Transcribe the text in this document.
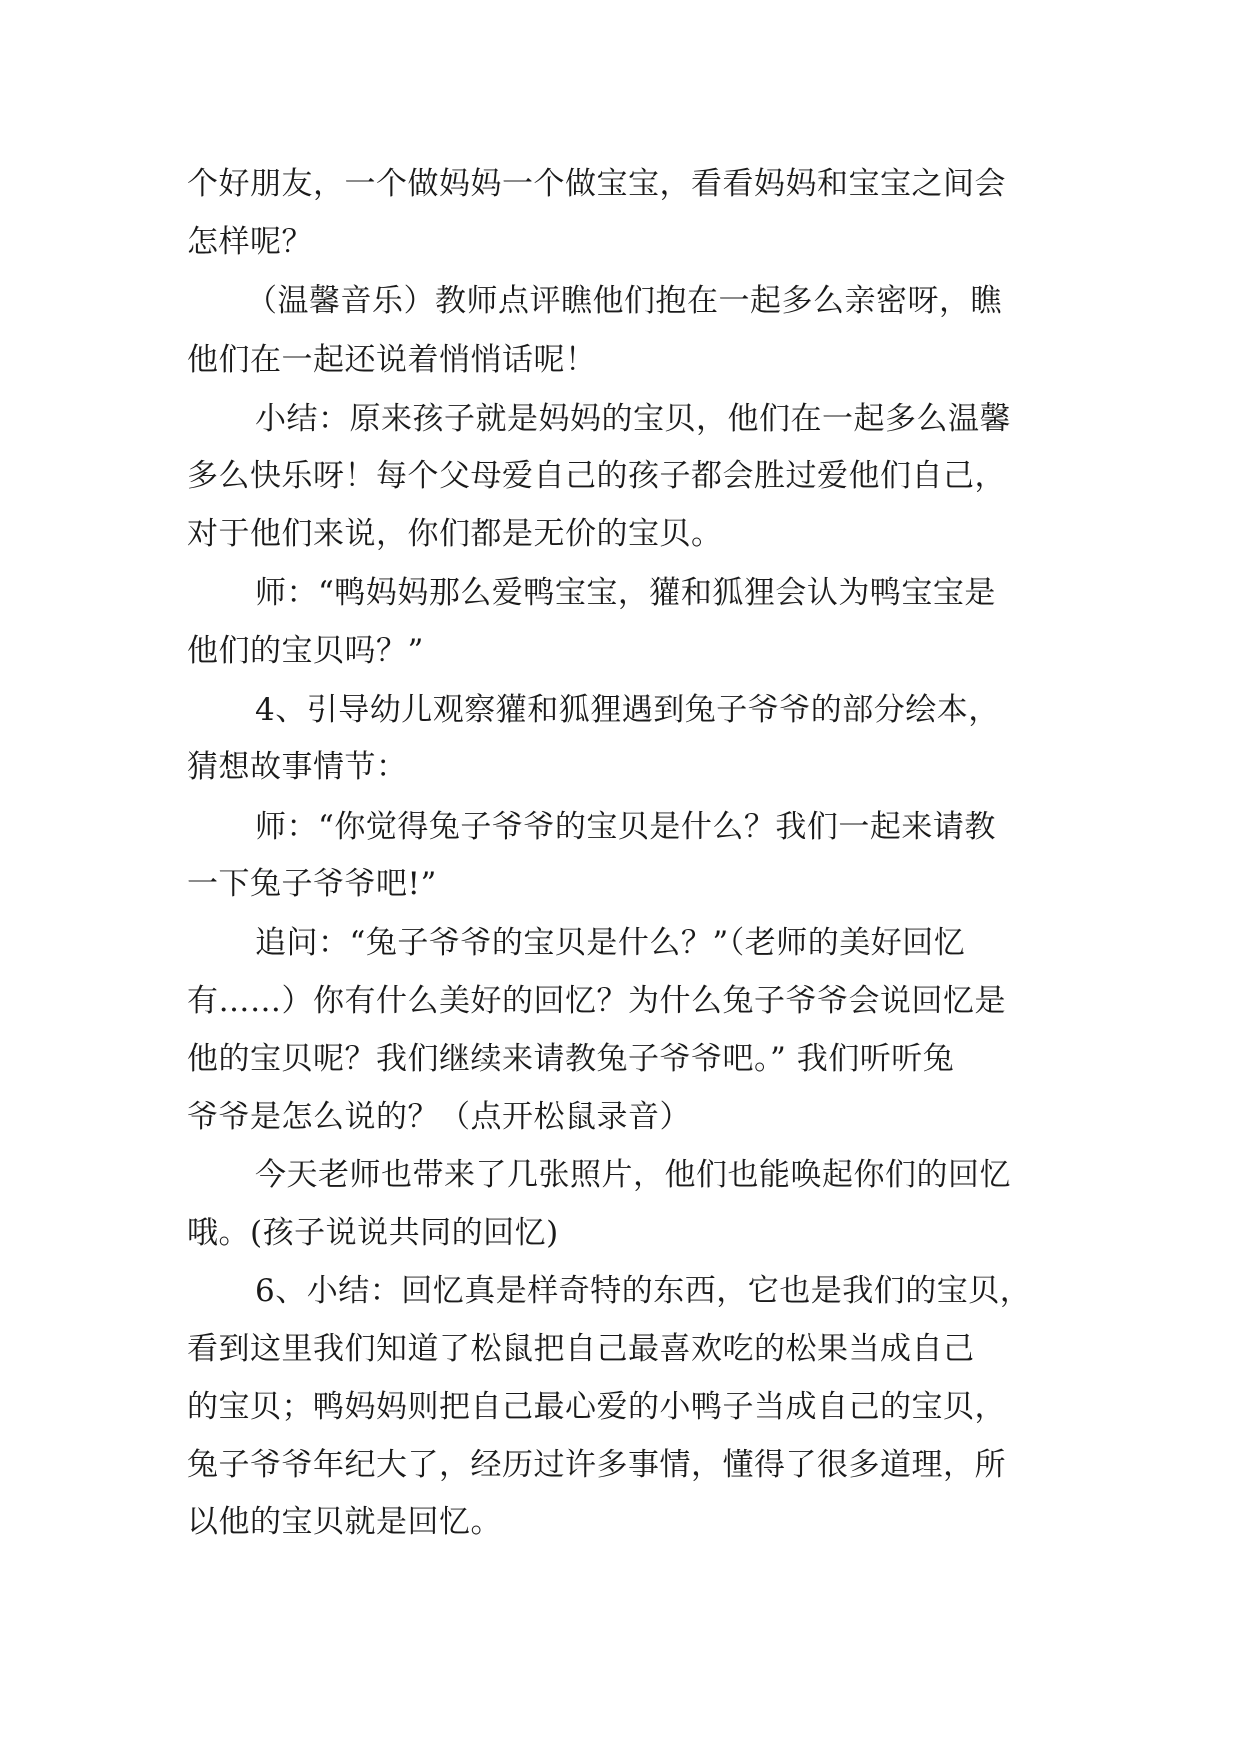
个好朋友，一个做妈妈一个做宝宝，看看妈妈和宝宝之间会
怎样呢？
（温馨音乐）教师点评瞧他们抱在一起多么亲密呀，瞧
他们在一起还说着悄悄话呢！
小结：原来孩子就是妈妈的宝贝，他们在一起多么温馨
多么快乐呀！每个父母爱自己的孩子都会胜过爱他们自己，
对于他们来说，你们都是无价的宝贝。
师：“鸭妈妈那么爱鸭宝宝，獾和狐狸会认为鸭宝宝是
他们的宝贝吗？”
4、引导幼儿观察獾和狐狸遇到兔子爷爷的部分绘本，
猜想故事情节：
师：“你觉得兔子爷爷的宝贝是什么？我们一起来请教
一下兔子爷爷吧!”
追问：“兔子爷爷的宝贝是什么？”（老师的美好回忆
有……）你有什么美好的回忆？为什么兔子爷爷会说回忆是
他的宝贝呢？我们继续来请教兔子爷爷吧。” 我们听听兔
爷爷是怎么说的？（点开松鼠录音）
今天老师也带来了几张照片，他们也能唤起你们的回忆
哦。(孩子说说共同的回忆)
6、小结：回忆真是样奇特的东西，它也是我们的宝贝，
看到这里我们知道了松鼠把自己最喜欢吃的松果当成自己
的宝贝；鸭妈妈则把自己最心爱的小鸭子当成自己的宝贝，
兔子爷爷年纪大了，经历过许多事情，懂得了很多道理，所
以他的宝贝就是回忆。
